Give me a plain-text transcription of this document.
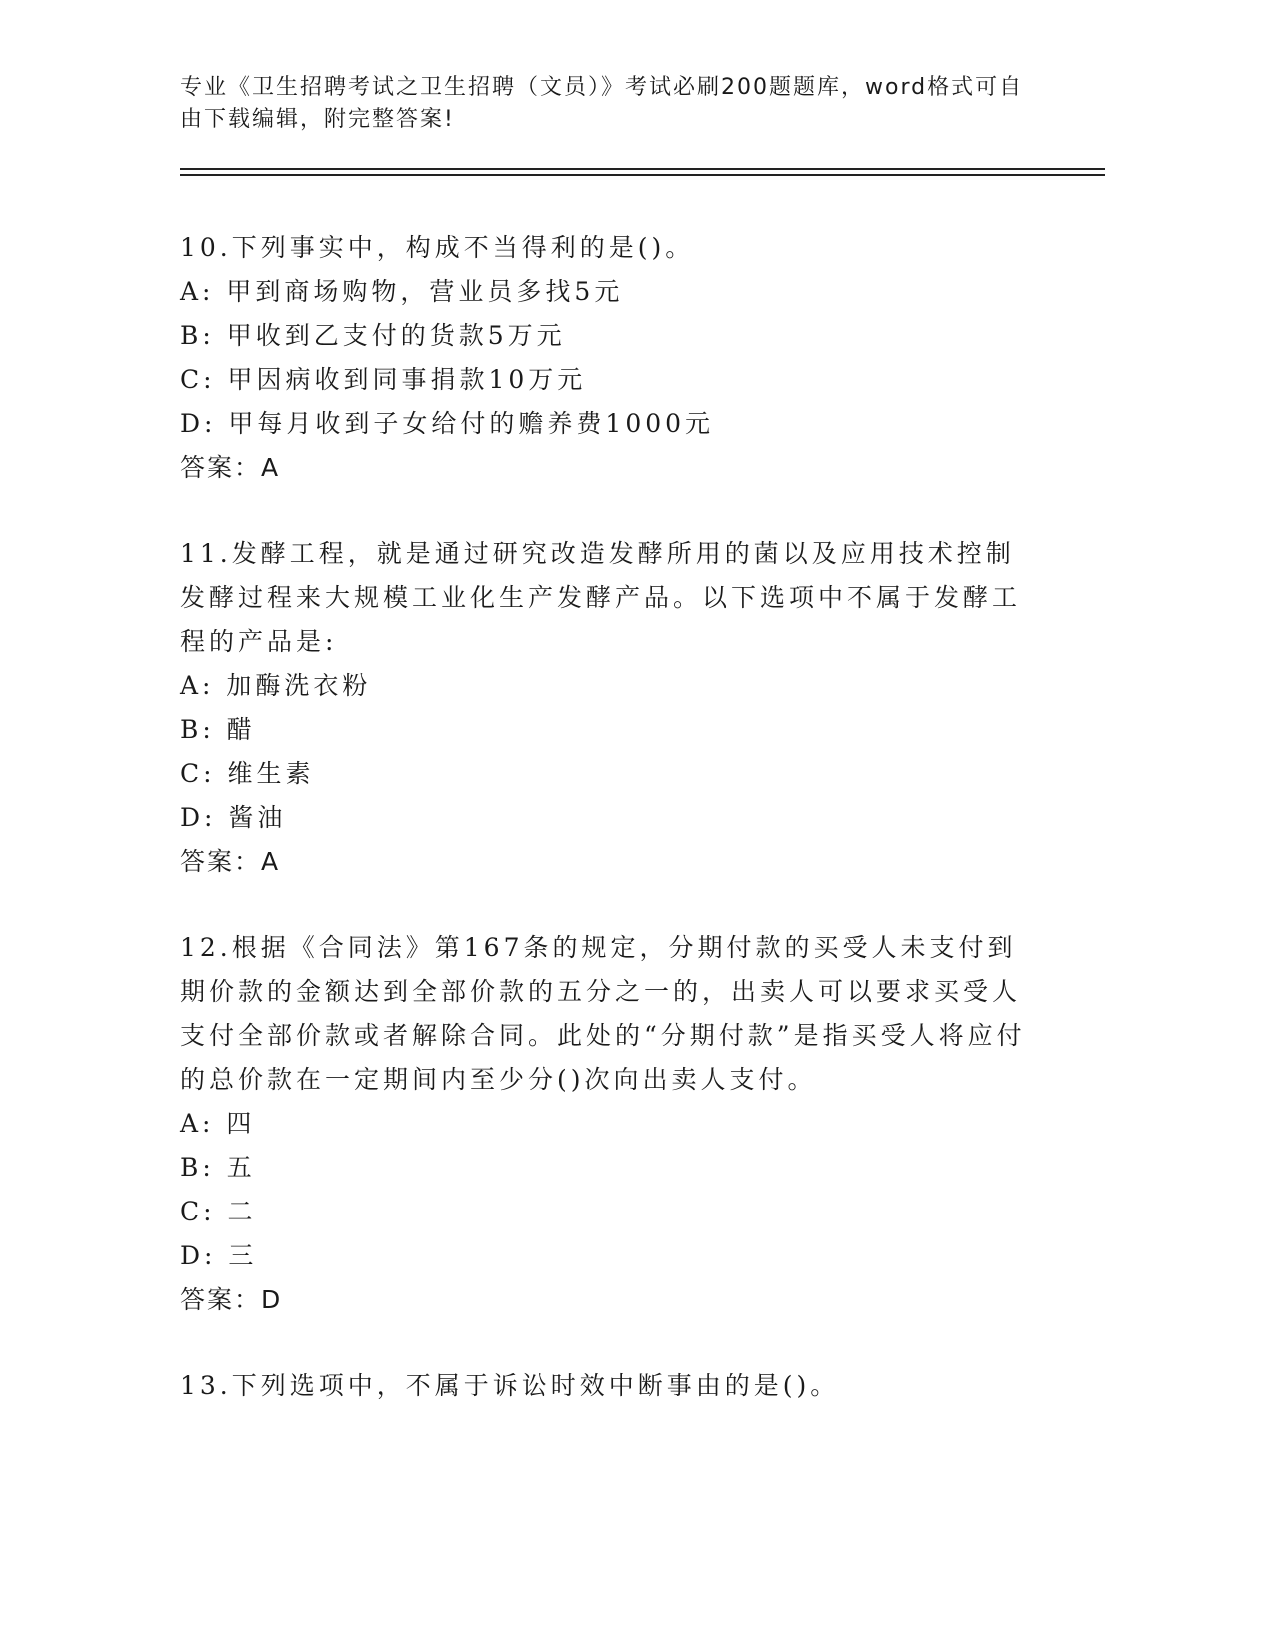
专业《卫生招聘考试之卫生招聘（文员）》考试必刷200题题库，word格式可自
由下载编辑，附完整答案!
10.下列事实中，构成不当得利的是()。
A: 甲到商场购物，营业员多找5元
B: 甲收到乙支付的货款5万元
C: 甲因病收到同事捐款10万元
D: 甲每月收到子女给付的赡养费1000元
答案：A
11.发酵工程，就是通过研究改造发酵所用的菌以及应用技术控制发酵过程来大规模工业化生产发酵产品。以下选项中不属于发酵工程的产品是:
A: 加酶洗衣粉
B: 醋
C: 维生素
D: 酱油
答案：A
12.根据《合同法》第167条的规定，分期付款的买受人未支付到期价款的金额达到全部价款的五分之一的，出卖人可以要求买受人支付全部价款或者解除合同。此处的“分期付款”是指买受人将应付的总价款在一定期间内至少分()次向出卖人支付。
A: 四
B: 五
C: 二
D: 三
答案：D
13.下列选项中，不属于诉讼时效中断事由的是()。
